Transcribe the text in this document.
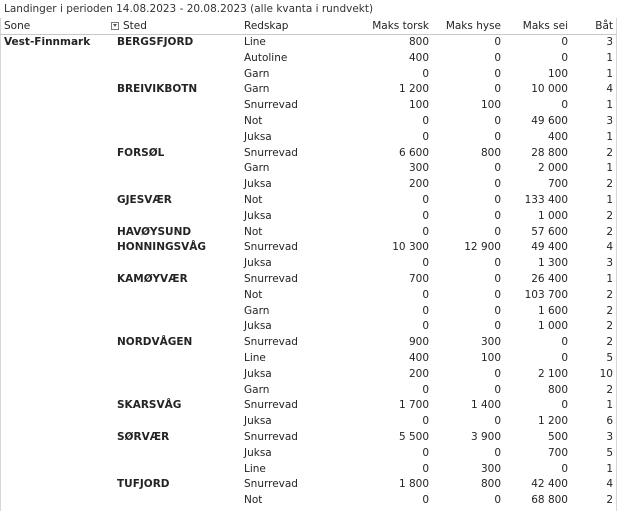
Landinger i perioden 14.08.2023 - 20.08.2023 (alle kvanta i rundvekt)
Sone	Sted	Redskap	Maks torsk	Maks hyse	Maks sei	Båt
Vest-Finnmark	BERGSFJORD	Line	800	0	0	3
		Autoline	400	0	0	1
		Garn	0	0	100	1
	BREIVIKBOTN	Garn	1 200	0	10 000	4
		Snurrevad	100	100	0	1
		Not	0	0	49 600	3
		Juksa	0	0	400	1
	FORSØL	Snurrevad	6 600	800	28 800	2
		Garn	300	0	2 000	1
		Juksa	200	0	700	2
	GJESVÆR	Not	0	0	133 400	1
		Juksa	0	0	1 000	2
	HAVØYSUND	Not	0	0	57 600	2
	HONNINGSVÅG	Snurrevad	10 300	12 900	49 400	4
		Juksa	0	0	1 300	3
	KAMØYVÆR	Snurrevad	700	0	26 400	1
		Not	0	0	103 700	2
		Garn	0	0	1 600	2
		Juksa	0	0	1 000	2
	NORDVÅGEN	Snurrevad	900	300	0	2
		Line	400	100	0	5
		Juksa	200	0	2 100	10
		Garn	0	0	800	2
	SKARSVÅG	Snurrevad	1 700	1 400	0	1
		Juksa	0	0	1 200	6
	SØRVÆR	Snurrevad	5 500	3 900	500	3
		Juksa	0	0	700	5
		Line	0	300	0	1
	TUFJORD	Snurrevad	1 800	800	42 400	4
		Not	0	0	68 800	2
